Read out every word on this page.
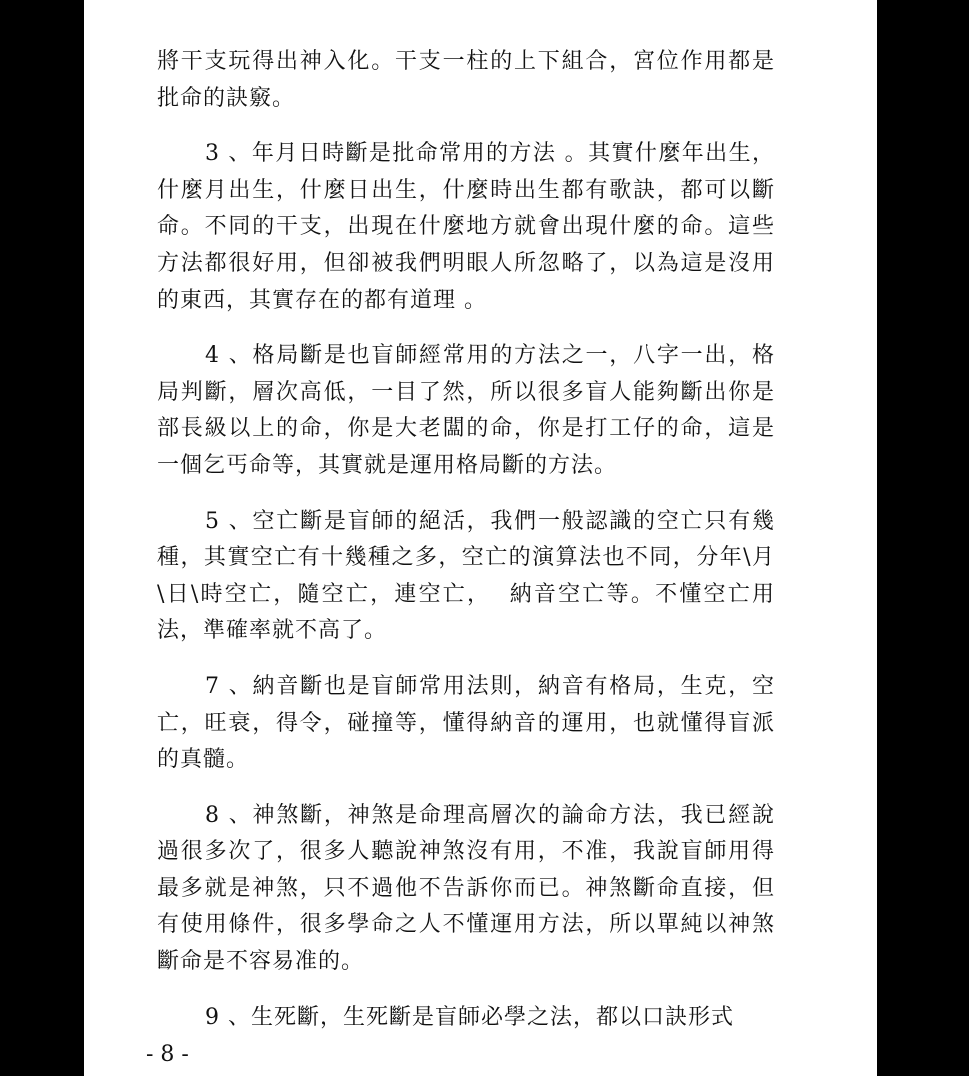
將干支玩得出神入化。干支一柱的上下組合，宮位作用都是批命的訣竅。

3 、年月日時斷是批命常用的方法 。其實什麼年出生，什麼月出生，什麼日出生，什麼時出生都有歌訣，都可以斷命。不同的干支，出現在什麼地方就會出現什麼的命。這些方法都很好用，但卻被我們明眼人所忽略了，以為這是沒用的東西，其實存在的都有道理 。

4 、格局斷是也盲師經常用的方法之一，八字一出，格局判斷，層次高低，一目了然，所以很多盲人能夠斷出你是部長級以上的命，你是大老闆的命，你是打工仔的命，這是一個乞丐命等，其實就是運用格局斷的方法。

5 、空亡斷是盲師的絕活，我們一般認識的空亡只有幾種，其實空亡有十幾種之多，空亡的演算法也不同，分年\月\日\時空亡，隨空亡，連空亡，  納音空亡等。不懂空亡用法，準確率就不高了。

7 、納音斷也是盲師常用法則，納音有格局，生克，空亡，旺衰，得令，碰撞等，懂得納音的運用，也就懂得盲派的真髓。

8 、神煞斷，神煞是命理高層次的論命方法，我已經說過很多次了，很多人聽說神煞沒有用，不准，我說盲師用得最多就是神煞，只不過他不告訴你而已。神煞斷命直接，但有使用條件，很多學命之人不懂運用方法，所以單純以神煞斷命是不容易准的。

9 、生死斷，生死斷是盲師必學之法，都以口訣形式

- 8 -
